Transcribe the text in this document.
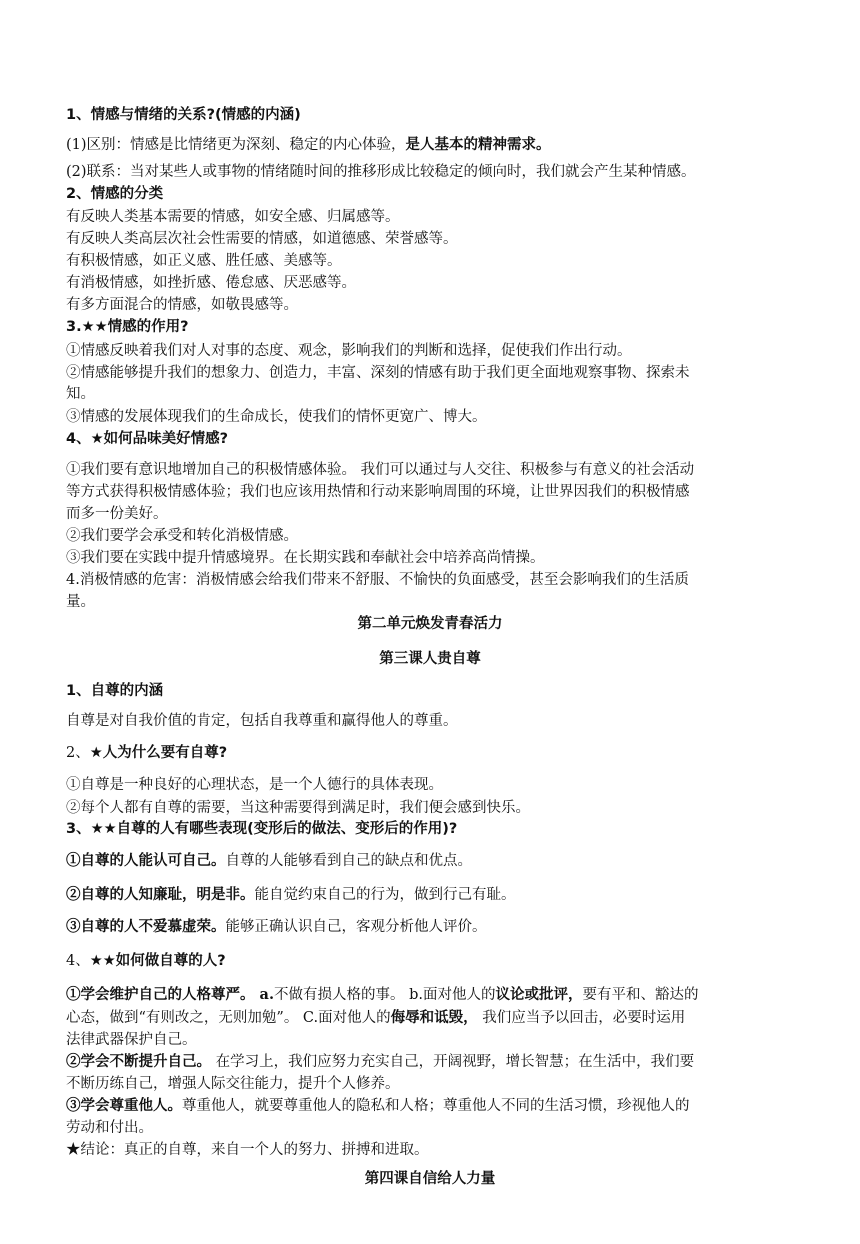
1、情感与情绪的关系?(情感的内涵)
(1)区别：情感是比情绪更为深刻、稳定的内心体验，是人基本的精神需求。
(2)联系：当对某些人或事物的情绪随时间的推移形成比较稳定的倾向时，我们就会产生某种情感。
2、情感的分类
有反映人类基本需要的情感，如安全感、归属感等。
有反映人类高层次社会性需要的情感，如道德感、荣誉感等。
有积极情感，如正义感、胜任感、美感等。
有消极情感，如挫折感、倦怠感、厌恶感等。
有多方面混合的情感，如敬畏感等。
3.★★情感的作用?
①情感反映着我们对人对事的态度、观念，影响我们的判断和选择，促使我们作出行动。
②情感能够提升我们的想象力、创造力，丰富、深刻的情感有助于我们更全面地观察事物、探索未
知。
③情感的发展体现我们的生命成长，使我们的情怀更宽广、博大。
4、★如何品味美好情感?
①我们要有意识地增加自己的积极情感体验。 我们可以通过与人交往、积极参与有意义的社会活动
等方式获得积极情感体验；我们也应该用热情和行动来影响周围的环境，让世界因我们的积极情感
而多一份美好。
②我们要学会承受和转化消极情感。
③我们要在实践中提升情感境界。在长期实践和奉献社会中培养高尚情操。
4.消极情感的危害：消极情感会给我们带来不舒服、不愉快的负面感受，甚至会影响我们的生活质
量。
第二单元焕发青春活力
第三课人贵自尊
1、自尊的内涵
自尊是对自我价值的肯定，包括自我尊重和赢得他人的尊重。
2、★人为什么要有自尊?
①自尊是一种良好的心理状态，是一个人德行的具体表现。
②每个人都有自尊的需要，当这种需要得到满足时，我们便会感到快乐。
3、★★自尊的人有哪些表现(变形后的做法、变形后的作用)?
①自尊的人能认可自己。自尊的人能够看到自己的缺点和优点。
②自尊的人知廉耻，明是非。能自觉约束自己的行为，做到行己有耻。
③自尊的人不爱慕虚荣。能够正确认识自己，客观分析他人评价。
4、★★如何做自尊的人?
①学会维护自己的人格尊严。 a.不做有损人格的事。 b.面对他人的议论或批评，要有平和、豁达的
心态，做到“有则改之，无则加勉”。 C.面对他人的侮辱和诋毁， 我们应当予以回击，必要时运用
法律武器保护自己。
②学会不断提升自己。 在学习上，我们应努力充实自己，开阔视野，增长智慧；在生活中，我们要
不断历练自己，增强人际交往能力，提升个人修养。
③学会尊重他人。尊重他人，就要尊重他人的隐私和人格；尊重他人不同的生活习惯，珍视他人的
劳动和付出。
★结论：真正的自尊，来自一个人的努力、拼搏和进取。
第四课自信给人力量
